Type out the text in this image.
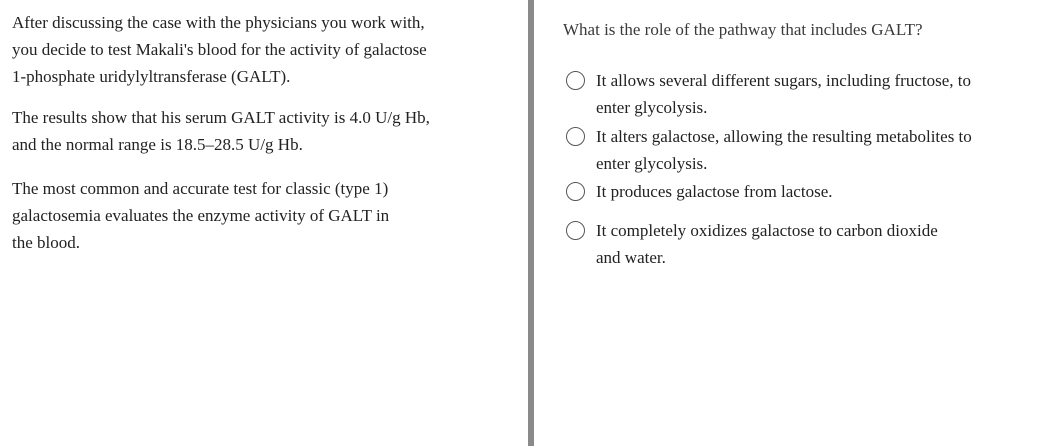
After discussing the case with the physicians you work with,
you decide to test Makali's blood for the activity of galactose
1-phosphate uridylyltransferase (GALT).

The results show that his serum GALT activity is 4.0 U/g Hb,
and the normal range is 18.5–28.5 U/g Hb.

The most common and accurate test for classic (type 1)
galactosemia evaluates the enzyme activity of GALT in
the blood.

What is the role of the pathway that includes GALT?

It allows several different sugars, including fructose, to
enter glycolysis.

It alters galactose, allowing the resulting metabolites to
enter glycolysis.

It produces galactose from lactose.

It completely oxidizes galactose to carbon dioxide
and water.
